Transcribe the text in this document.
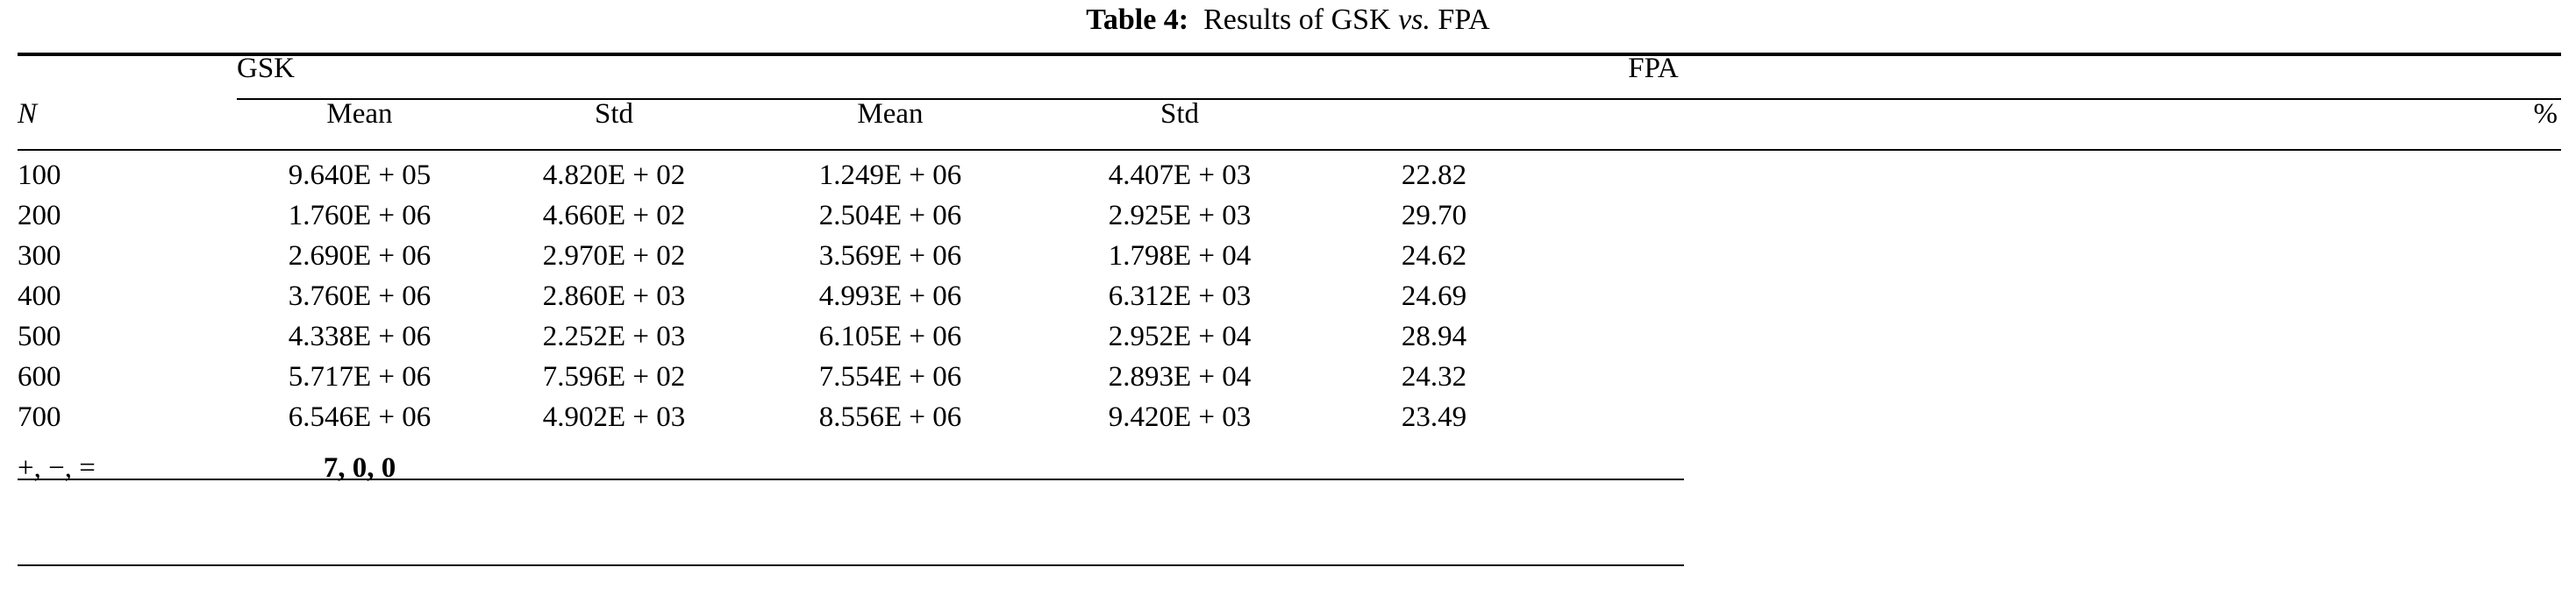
Table 4: Results of GSK vs. FPA
	GSK		FPA			
N	Mean	Std	Mean	Std		%
100	9.640E + 05	4.820E + 02	1.249E + 06	4.407E + 03	22.82	
200	1.760E + 06	4.660E + 02	2.504E + 06	2.925E + 03	29.70	
300	2.690E + 06	2.970E + 02	3.569E + 06	1.798E + 04	24.62	
400	3.760E + 06	2.860E + 03	4.993E + 06	6.312E + 03	24.69	
500	4.338E + 06	2.252E + 03	6.105E + 06	2.952E + 04	28.94	
600	5.717E + 06	7.596E + 02	7.554E + 06	2.893E + 04	24.32	
700	6.546E + 06	4.902E + 03	8.556E + 06	9.420E + 03	23.49	
+, −, =	7, 0, 0					
